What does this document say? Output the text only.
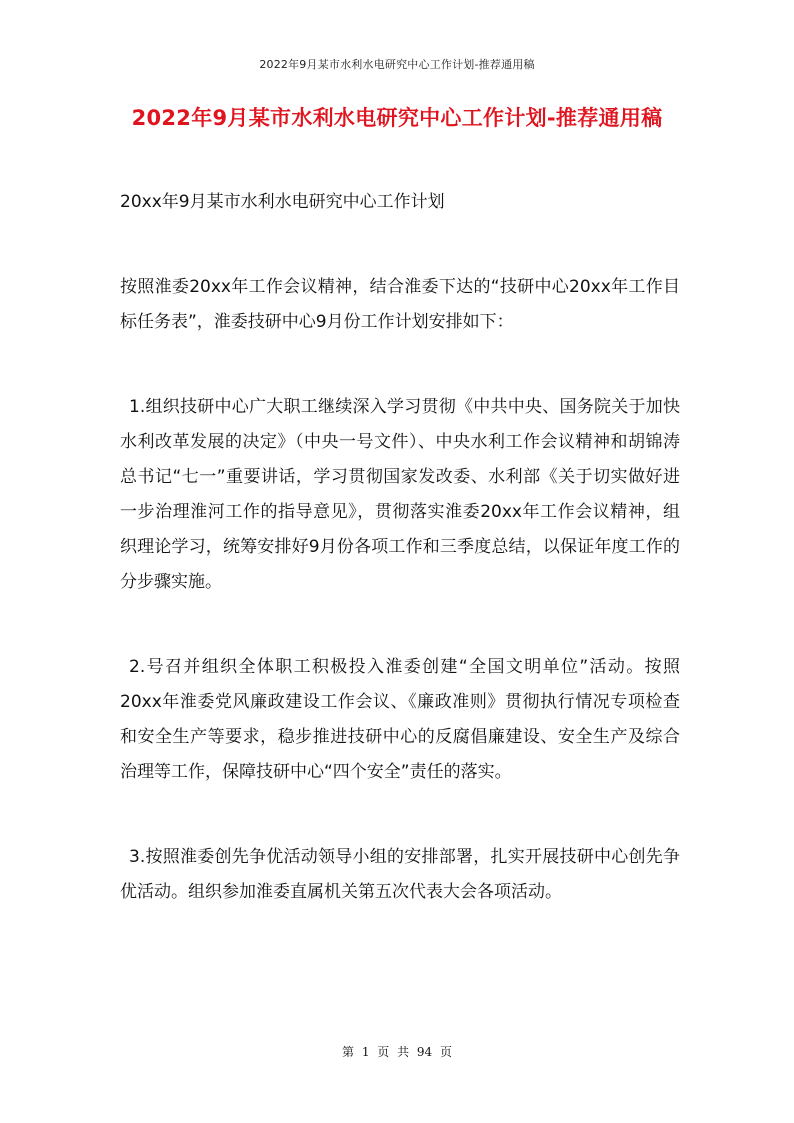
2022年9月某市水利水电研究中心工作计划-推荐通用稿
2022年9月某市水利水电研究中心工作计划-推荐通用稿

20xx年9月某市水利水电研究中心工作计划

按照淮委20xx年工作会议精神，结合淮委下达的“技研中心20xx年工作目标任务表”，淮委技研中心9月份工作计划安排如下：

1.组织技研中心广大职工继续深入学习贯彻《中共中央、国务院关于加快水利改革发展的决定》（中央一号文件）、中央水利工作会议精神和胡锦涛总书记“七一”重要讲话，学习贯彻国家发改委、水利部《关于切实做好进一步治理淮河工作的指导意见》，贯彻落实淮委20xx年工作会议精神，组织理论学习，统筹安排好9月份各项工作和三季度总结，以保证年度工作的分步骤实施。

2.号召并组织全体职工积极投入淮委创建“全国文明单位”活动。按照20xx年淮委党风廉政建设工作会议、《廉政准则》贯彻执行情况专项检查和安全生产等要求，稳步推进技研中心的反腐倡廉建设、安全生产及综合治理等工作，保障技研中心“四个安全”责任的落实。

3.按照淮委创先争优活动领导小组的安排部署，扎实开展技研中心创先争优活动。组织参加淮委直属机关第五次代表大会各项活动。

第 1 页 共 94 页
